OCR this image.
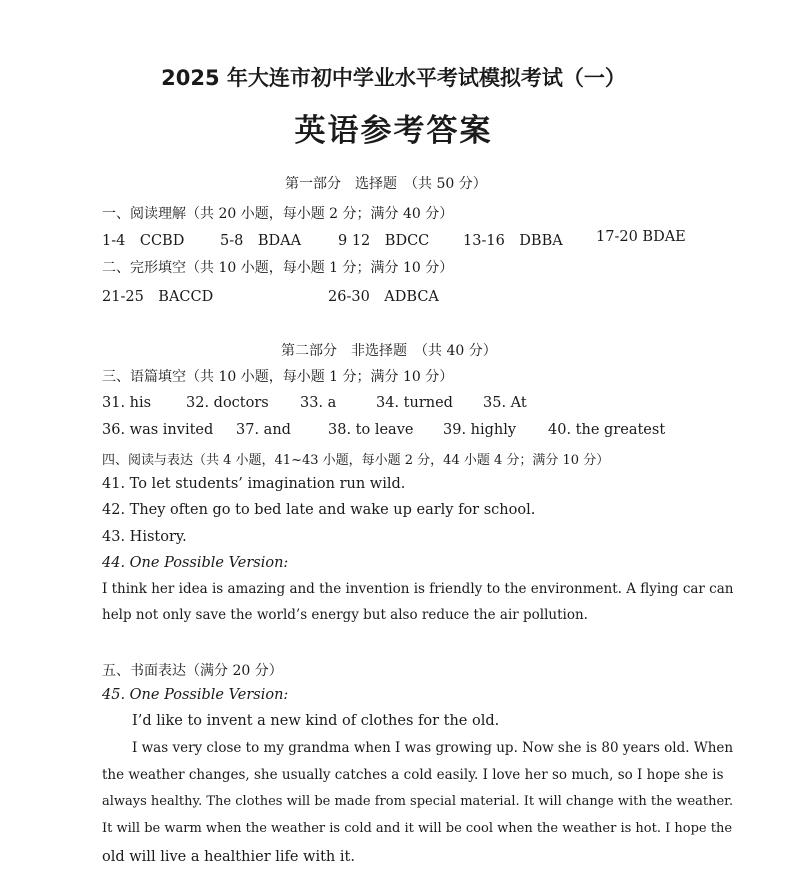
2025 年大连市初中学业水平考试模拟考试（一）
英语参考答案
第一部分　选择题　（共 50 分）
一、阅读理解（共 20 小题，每小题 2 分；满分 40 分）
1-4　CCBD 5-8　BDAA	9 12　BDCC 13-16　DBBA 17-20 BDAE
二、完形填空（共 10 小题，每小题 1 分；满分 10 分）
21-25　BACCD	26-30　ADBCA
第二部分　非选择题　（共 40 分）
三、语篇填空（共 10 小题，每小题 1 分；满分 10 分）
31. his 32. doctors 33. a	34. turned 35. At
36. was invited 37. and	38. to leave 39. highly 40. the greatest
四、阅读与表达（共 4 小题，41~43 小题，每小题 2 分，44 小题 4 分；满分 10 分）
41. To let students’ imagination run wild.
42. They often go to bed late and wake up early for school.
43. History.
44. One Possible Version:
I think her idea is amazing and the invention is friendly to the environment. A flying car can
help not only save the world’s energy but also reduce the air pollution.
五、书面表达（满分 20 分）
45. One Possible Version:
I’d like to invent a new kind of clothes for the old.
I was very close to my grandma when I was growing up. Now she is 80 years old. When
the weather changes, she usually catches a cold easily. I love her so much, so I hope she is
always healthy. The clothes will be made from special material. It will change with the weather.
It will be warm when the weather is cold and it will be cool when the weather is hot. I hope the
old will live a healthier life with it.
